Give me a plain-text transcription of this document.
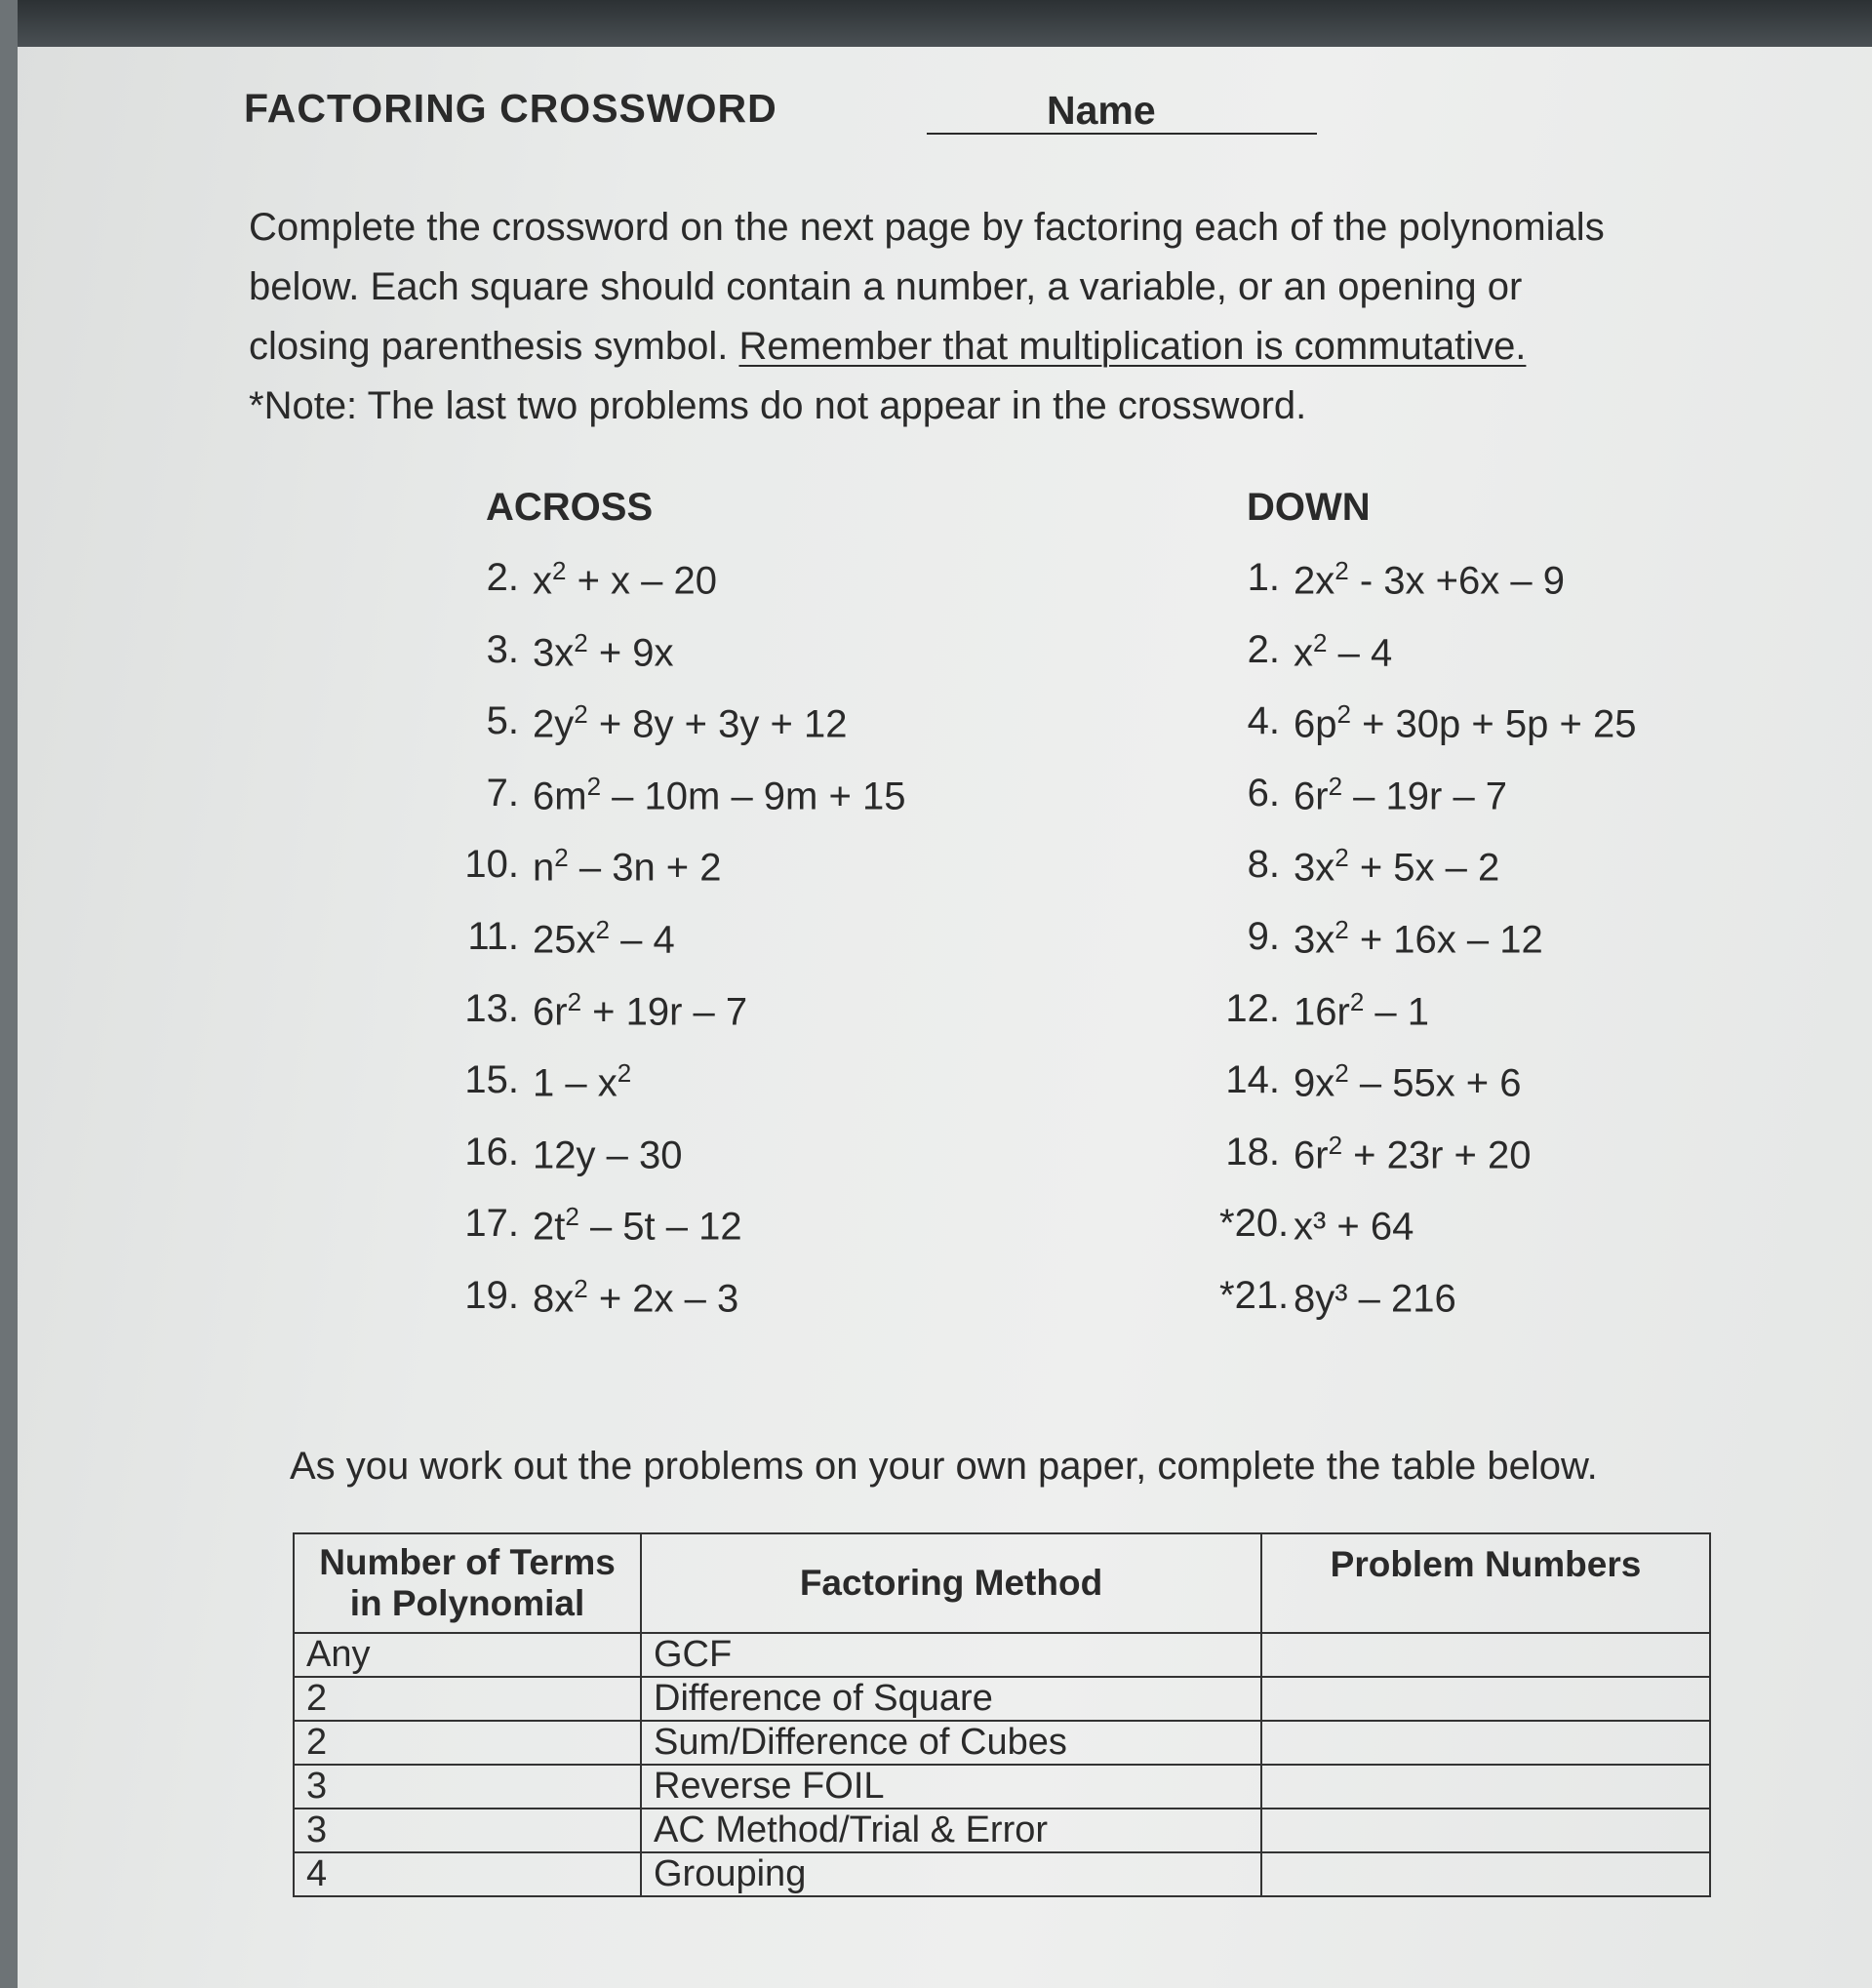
FACTORING CROSSWORD	Name
Complete the crossword on the next page by factoring each of the polynomials
below. Each square should contain a number, a variable, or an opening or
closing parenthesis symbol. Remember that multiplication is commutative.
*Note: The last two problems do not appear in the crossword.
ACROSS
2. $x^2 + x - 20$
3. $3x^2 + 9x$
5. $2y^2 + 8y + 3y + 12$
7. $6m^2 - 10m - 9m + 15$
10. $n^2 - 3n + 2$
11. $25x^2 - 4$
13. $6r^2 + 19r - 7$
15. $1 - x^2$
16. 12y – 30
17. $2t^2 - 5t - 12$
19. $8x^2 + 2x - 3$
DOWN
1. $2x^2 - 3x +6x - 9$
2. $x^2 - 4$
4. $6p^2 + 30p + 5p + 25$
6. $6r^2 - 19r - 7$
8. $3x^2 + 5x - 2$
9. $3x^2 + 16x - 12$
12. $16r^2 - 1$
14. $9x^2 - 55x + 6$
18. $6r^2 + 23r + 20$
*20. x³ + 64
*21. 8y³ – 216
As you work out the problems on your own paper, complete the table below.
Number of Terms in Polynomial	Factoring Method	Problem Numbers
Any	GCF	
2	Difference of Square	
2	Sum/Difference of Cubes	
3	Reverse FOIL	
3	AC Method/Trial & Error	
4	Grouping	
